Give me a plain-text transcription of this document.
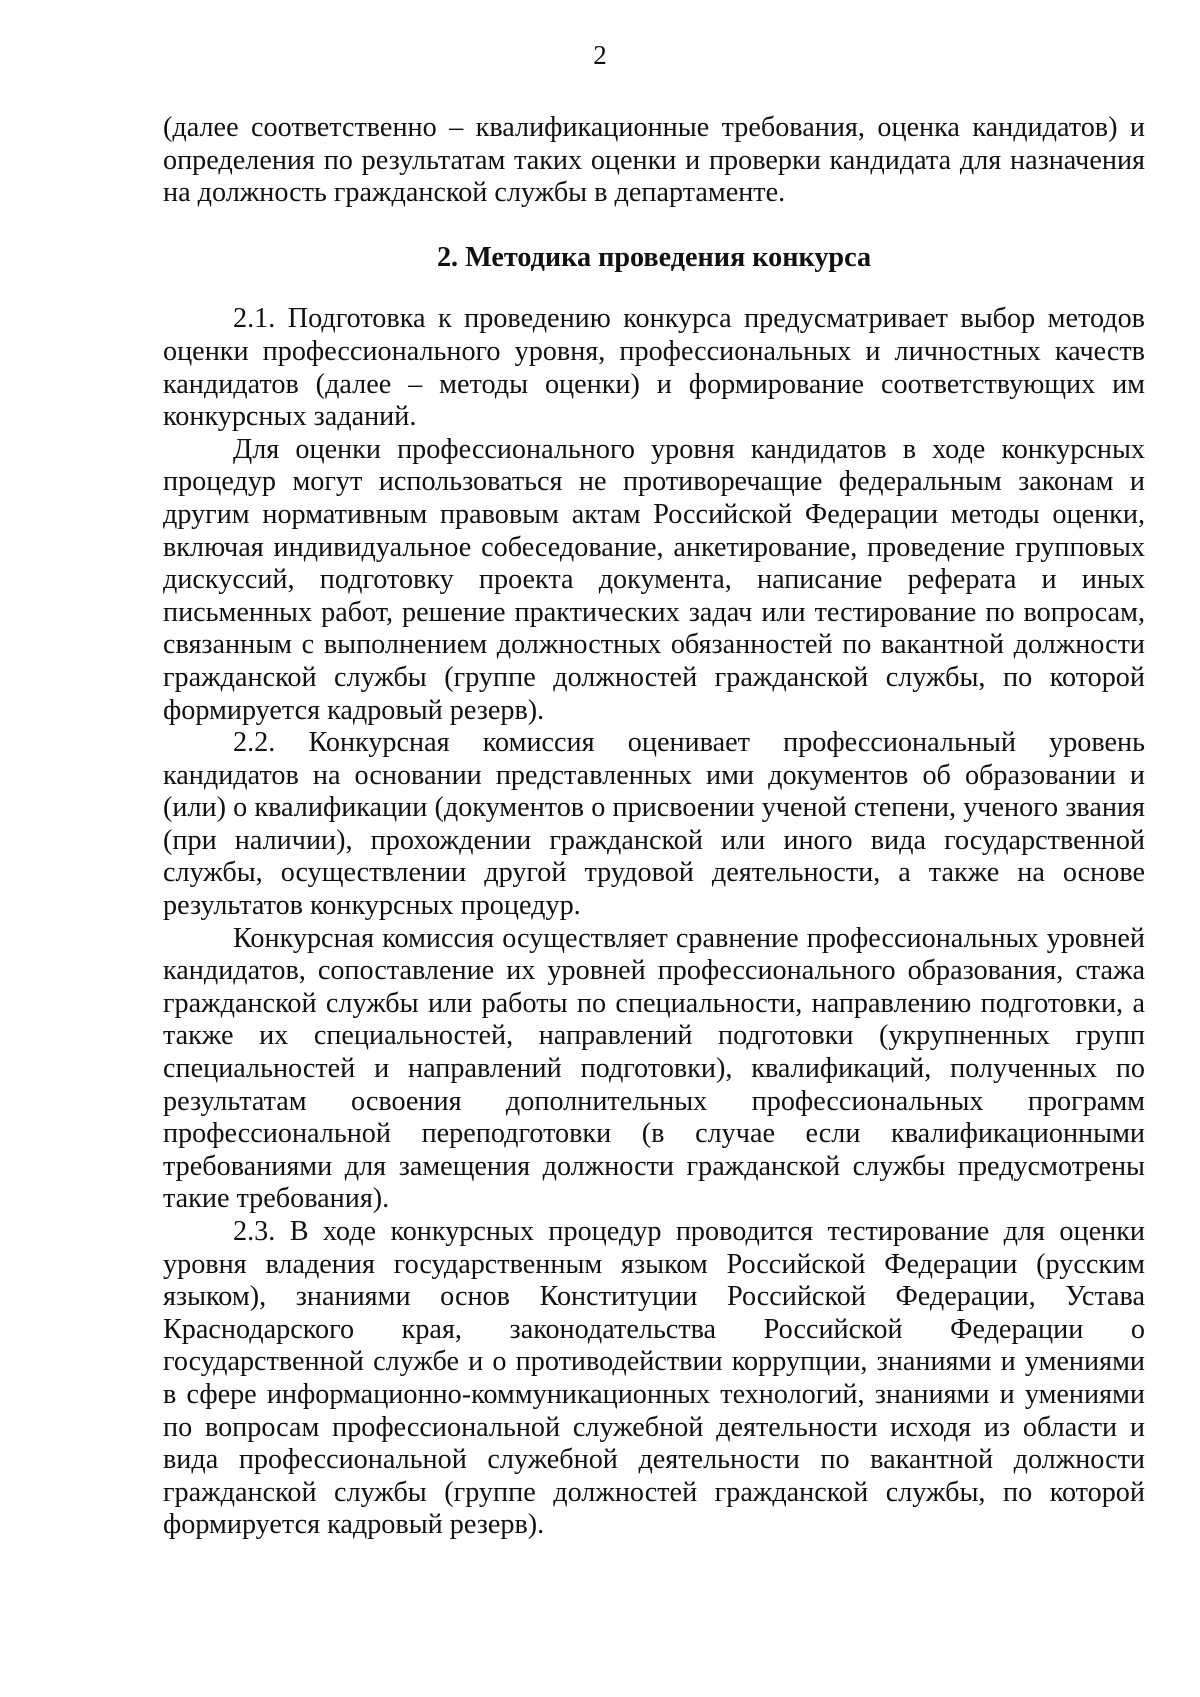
2

(далее соответственно – квалификационные требования, оценка кандидатов) и определения по результатам таких оценки и проверки кандидата для назначения на должность гражданской службы в департаменте.

2. Методика проведения конкурса

2.1. Подготовка к проведению конкурса предусматривает выбор методов оценки профессионального уровня, профессиональных и личностных качеств кандидатов (далее – методы оценки) и формирование соответствующих им конкурсных заданий.

Для оценки профессионального уровня кандидатов в ходе конкурсных процедур могут использоваться не противоречащие федеральным законам и другим нормативным правовым актам Российской Федерации методы оценки, включая индивидуальное собеседование, анкетирование, проведение групповых дискуссий, подготовку проекта документа, написание реферата и иных письменных работ, решение практических задач или тестирование по вопросам, связанным с выполнением должностных обязанностей по вакантной должности гражданской службы (группе должностей гражданской службы, по которой формируется кадровый резерв).

2.2. Конкурсная комиссия оценивает профессиональный уровень кандидатов на основании представленных ими документов об образовании и (или) о квалификации (документов о присвоении ученой степени, ученого звания (при наличии), прохождении гражданской или иного вида государственной службы, осуществлении другой трудовой деятельности, а также на основе результатов конкурсных процедур.

Конкурсная комиссия осуществляет сравнение профессиональных уровней кандидатов, сопоставление их уровней профессионального образования, стажа гражданской службы или работы по специальности, направлению подготовки, а также их специальностей, направлений подготовки (укрупненных групп специальностей и направлений подготовки), квалификаций, полученных по результатам освоения дополнительных профессиональных программ профессиональной переподготовки (в случае если квалификационными требованиями для замещения должности гражданской службы предусмотрены такие требования).

2.3. В ходе конкурсных процедур проводится тестирование для оценки уровня владения государственным языком Российской Федерации (русским языком), знаниями основ Конституции Российской Федерации, Устава Краснодарского края, законодательства Российской Федерации о государственной службе и о противодействии коррупции, знаниями и умениями в сфере информационно-коммуникационных технологий, знаниями и умениями по вопросам профессиональной служебной деятельности исходя из области и вида профессиональной служебной деятельности по вакантной должности гражданской службы (группе должностей гражданской службы, по которой формируется кадровый резерв).
